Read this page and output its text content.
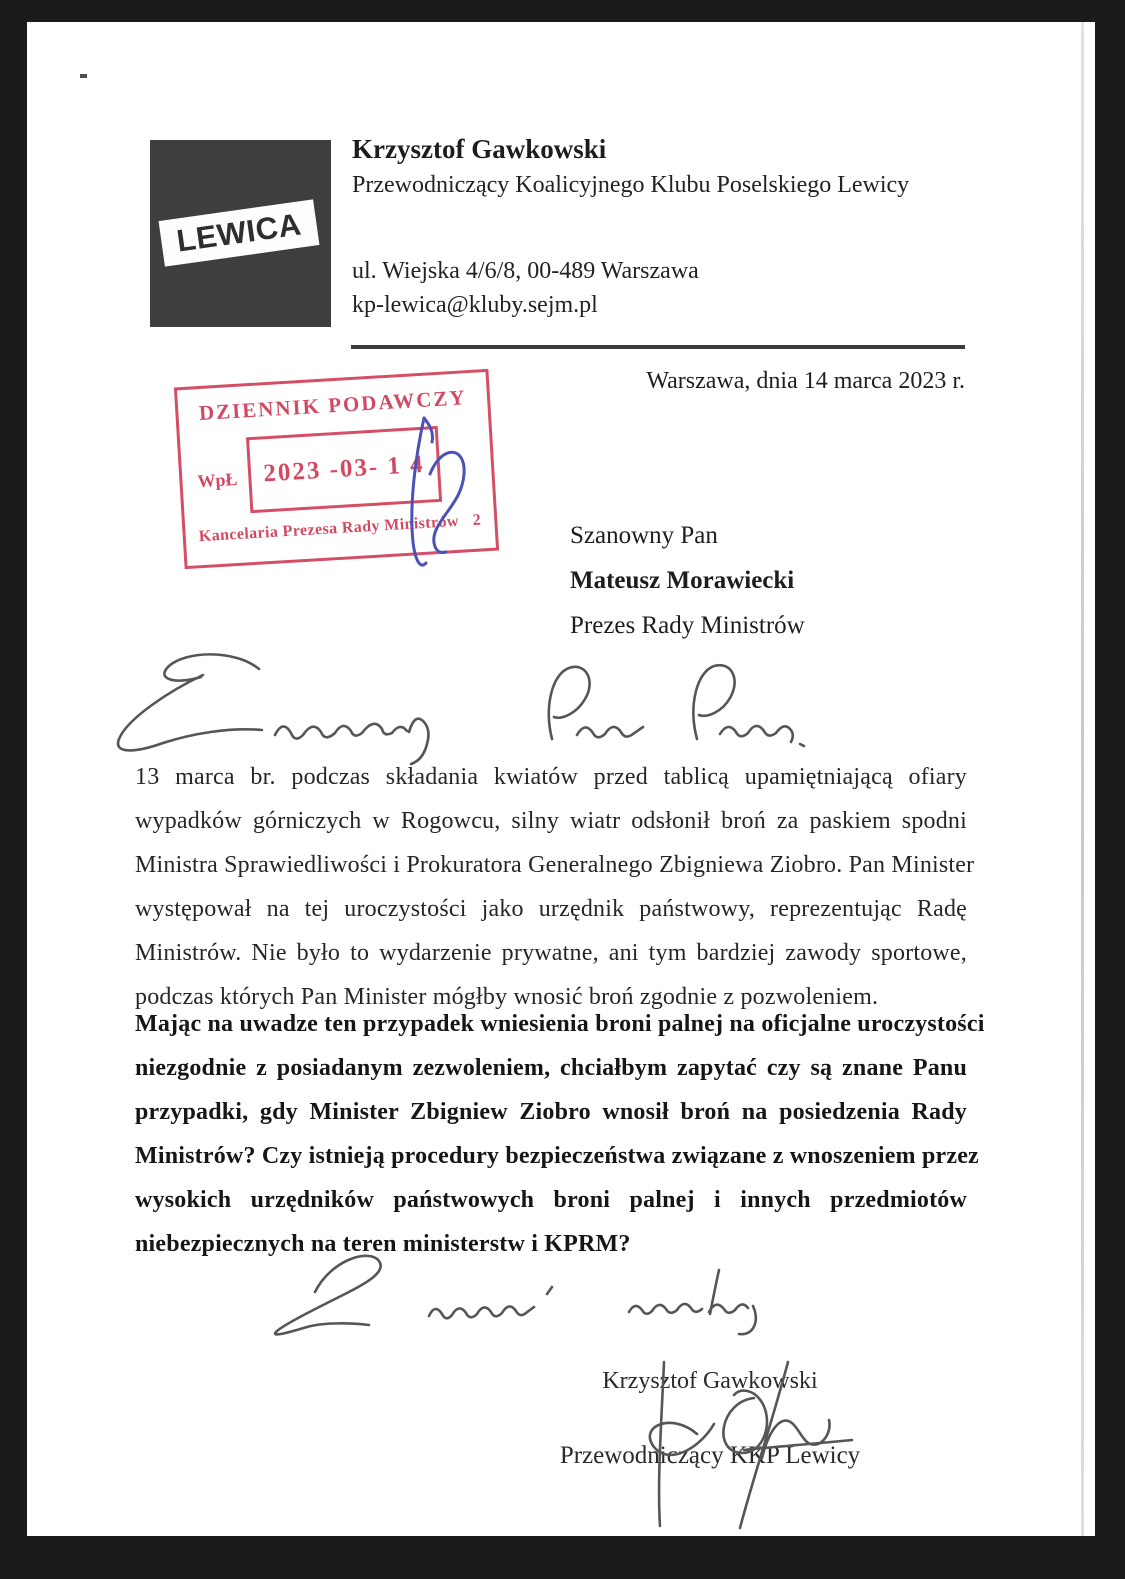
LEWICA
Krzysztof Gawkowski
Przewodniczący Koalicyjnego Klubu Poselskiego Lewicy
ul. Wiejska 4/6/8, 00-489 Warszawa
kp-lewica@kluby.sejm.pl
Warszawa, dnia 14 marca 2023 r.
DZIENNIK PODAWCZY
WpŁ 2023 -03- 1 4
Kancelaria Prezesa Rady Ministrów 2
Szanowny Pan
Mateusz Morawiecki
Prezes Rady Ministrów
13 marca br. podczas składania kwiatów przed tablicą upamiętniającą ofiary
wypadków górniczych w Rogowcu, silny wiatr odsłonił broń za paskiem spodni
Ministra Sprawiedliwości i Prokuratora Generalnego Zbigniewa Ziobro. Pan Minister
występował na tej uroczystości jako urzędnik państwowy, reprezentując Radę
Ministrów. Nie było to wydarzenie prywatne, ani tym bardziej zawody sportowe,
podczas których Pan Minister mógłby wnosić broń zgodnie z pozwoleniem.
Mając na uwadze ten przypadek wniesienia broni palnej na oficjalne uroczystości
niezgodnie z posiadanym zezwoleniem, chciałbym zapytać czy są znane Panu
przypadki, gdy Minister Zbigniew Ziobro wnosił broń na posiedzenia Rady
Ministrów? Czy istnieją procedury bezpieczeństwa związane z wnoszeniem przez
wysokich urzędników państwowych broni palnej i innych przedmiotów
niebezpiecznych na teren ministerstw i KPRM?
Krzysztof Gawkowski
Przewodniczący KKP Lewicy
